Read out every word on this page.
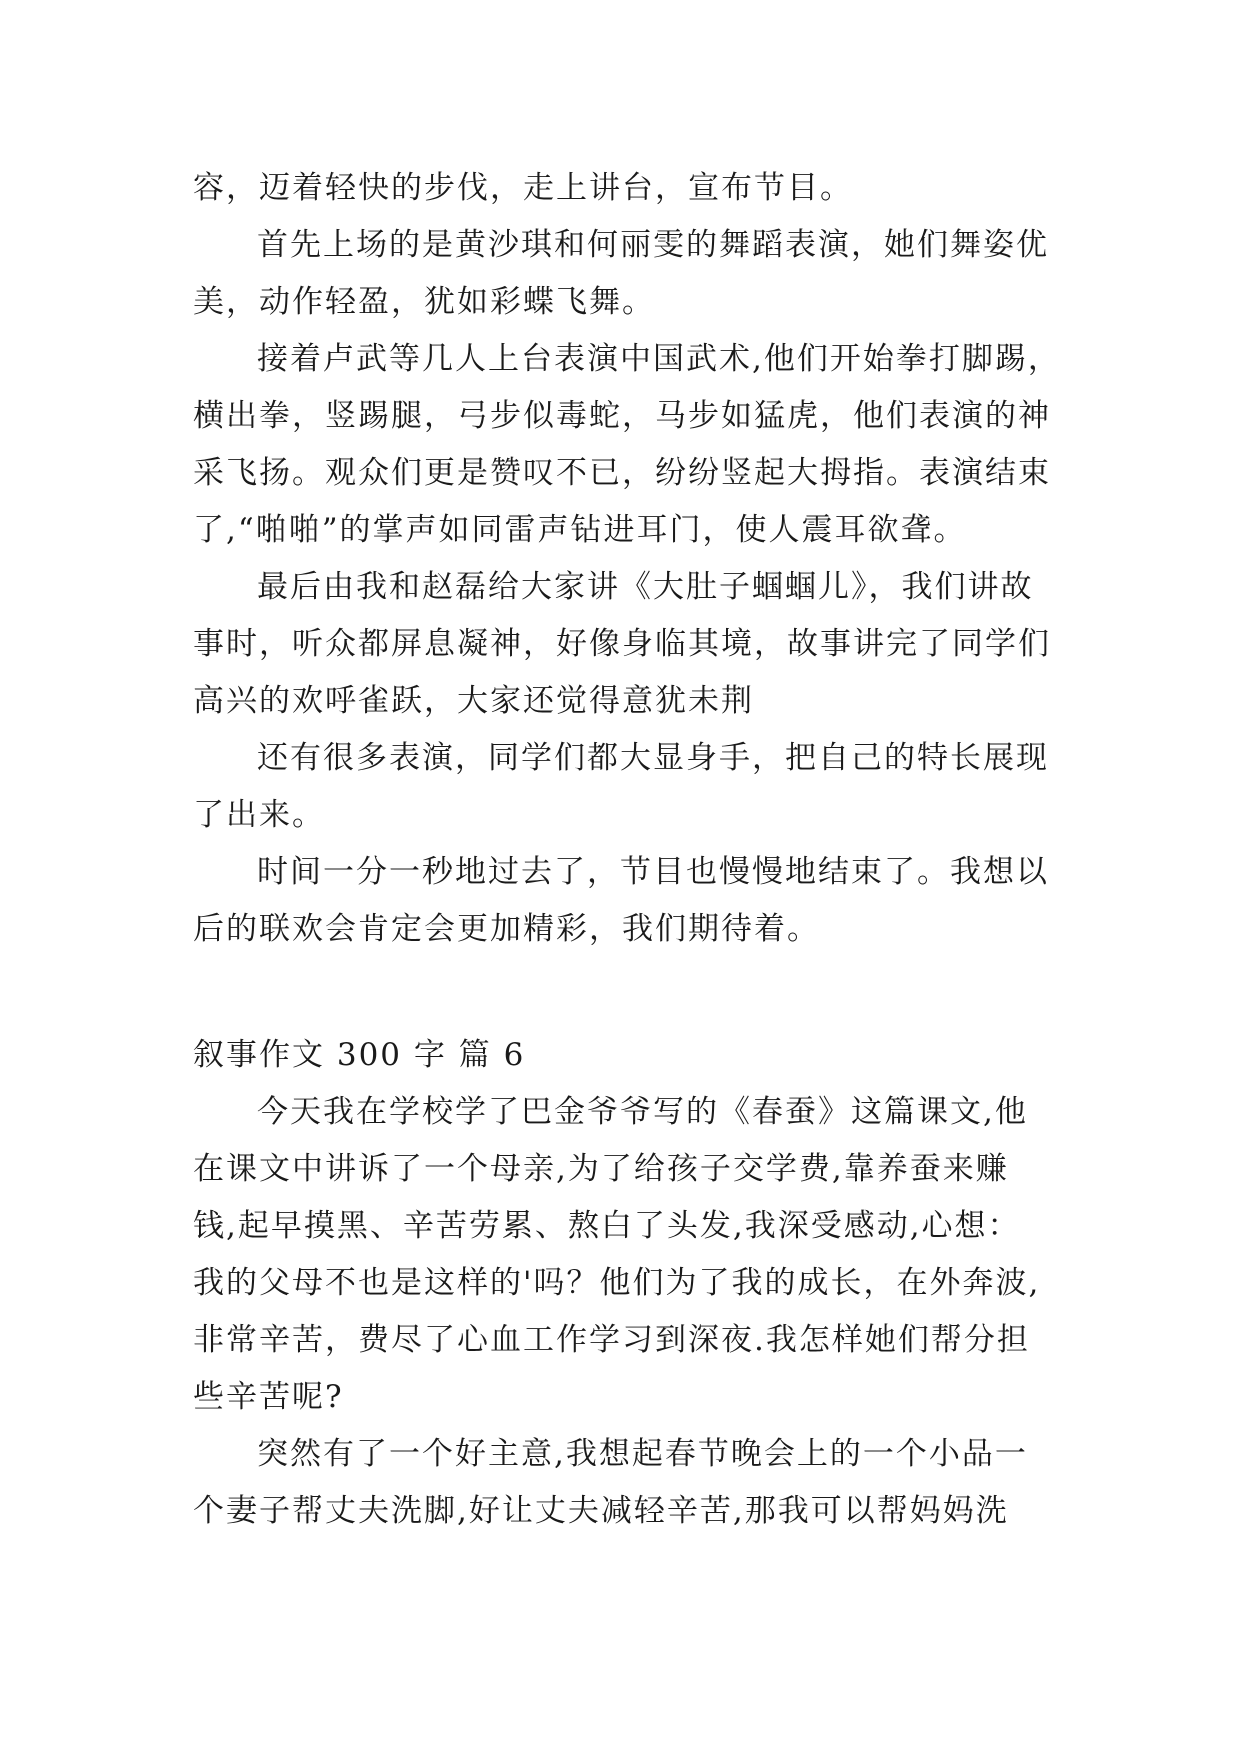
容，迈着轻快的步伐，走上讲台，宣布节目。
首先上场的是黄沙琪和何丽雯的舞蹈表演，她们舞姿优
美，动作轻盈，犹如彩蝶飞舞。
接着卢武等几人上台表演中国武术,他们开始拳打脚踢，
横出拳，竖踢腿，弓步似毒蛇，马步如猛虎，他们表演的神
采飞扬。观众们更是赞叹不已，纷纷竖起大拇指。表演结束
了,“啪啪”的掌声如同雷声钻进耳门，使人震耳欲聋。
最后由我和赵磊给大家讲《大肚子蝈蝈儿》，我们讲故
事时，听众都屏息凝神，好像身临其境，故事讲完了同学们
高兴的欢呼雀跃，大家还觉得意犹未荆
还有很多表演，同学们都大显身手，把自己的特长展现
了出来。
时间一分一秒地过去了，节目也慢慢地结束了。我想以
后的联欢会肯定会更加精彩，我们期待着。
叙事作文 300 字 篇 6
今天我在学校学了巴金爷爷写的《春蚕》这篇课文,他
在课文中讲诉了一个母亲,为了给孩子交学费,靠养蚕来赚
钱,起早摸黑、辛苦劳累、熬白了头发,我深受感动,心想：
我的父母不也是这样的'吗？他们为了我的成长，在外奔波,
非常辛苦，费尽了心血工作学习到深夜.我怎样她们帮分担
些辛苦呢?
突然有了一个好主意,我想起春节晚会上的一个小品一
个妻子帮丈夫洗脚,好让丈夫减轻辛苦,那我可以帮妈妈洗
